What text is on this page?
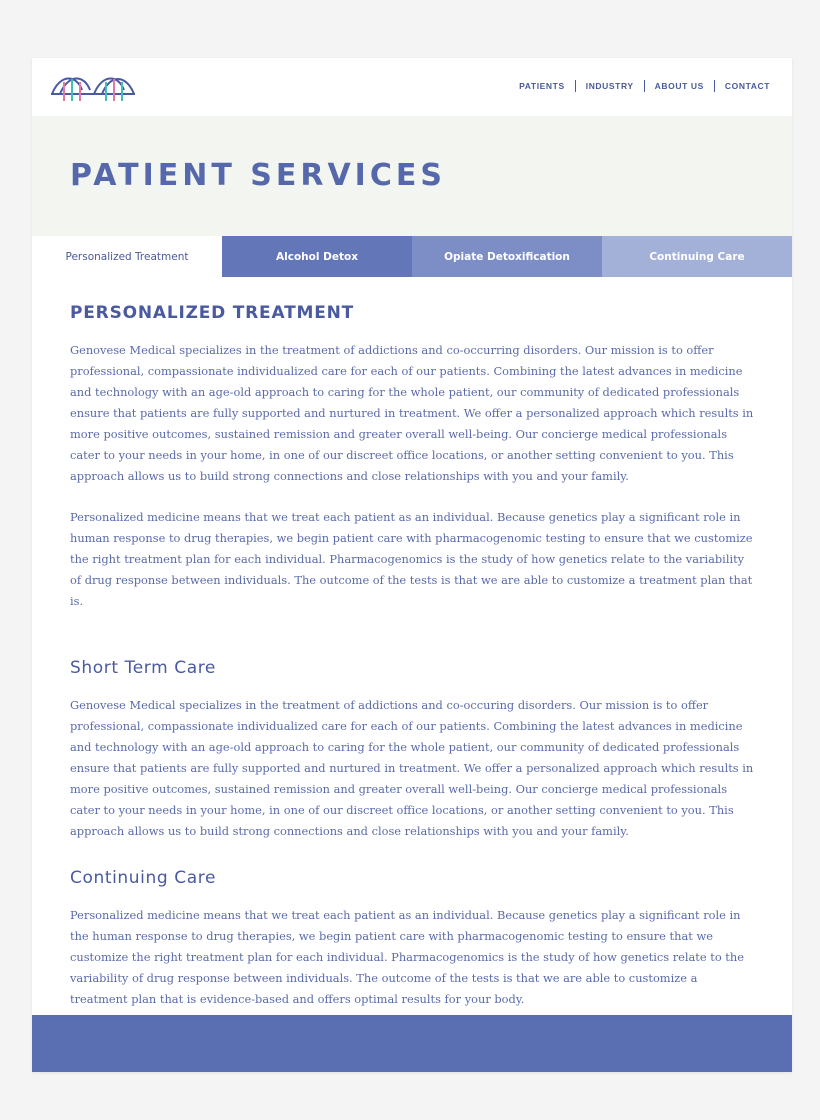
PATIENTS	INDUSTRY	ABOUT US	CONTACT
PATIENT SERVICES
Personalized Treatment	Alcohol Detox	Opiate Detoxification	Continuing Care
PERSONALIZED TREATMENT

Genovese Medical specializes in the treatment of addictions and co-occurring disorders. Our mission is to offer professional, compassionate individualized care for each of our patients. Combining the latest advances in medicine and technology with an age-old approach to caring for the whole patient, our community of dedicated professionals ensure that patients are fully supported and nurtured in treatment. We offer a personalized approach which results in more positive outcomes, sustained remission and greater overall well-being. Our concierge medical professionals cater to your needs in your home, in one of our discreet office locations, or another setting convenient to you. This approach allows us to build strong connections and close relationships with you and your family.

Personalized medicine means that we treat each patient as an individual. Because genetics play a significant role in human response to drug therapies, we begin patient care with pharmacogenomic testing to ensure that we customize the right treatment plan for each individual. Pharmacogenomics is the study of how genetics relate to the variability of drug response between individuals. The outcome of the tests is that we are able to customize a treatment plan that is.

Short Term Care

Genovese Medical specializes in the treatment of addictions and co-occuring disorders. Our mission is to offer professional, compassionate individualized care for each of our patients. Combining the latest advances in medicine and technology with an age-old approach to caring for the whole patient, our community of dedicated professionals ensure that patients are fully supported and nurtured in treatment. We offer a personalized approach which results in more positive outcomes, sustained remission and greater overall well-being. Our concierge medical professionals cater to your needs in your home, in one of our discreet office locations, or another setting convenient to you. This approach allows us to build strong connections and close relationships with you and your family.

Continuing Care

Personalized medicine means that we treat each patient as an individual. Because genetics play a significant role in the human response to drug therapies, we begin patient care with pharmacogenomic testing to ensure that we customize the right treatment plan for each individual. Pharmacogenomics is the study of how genetics relate to the variability of drug response between individuals. The outcome of the tests is that we are able to customize a treatment plan that is evidence-based and offers optimal results for your body.
